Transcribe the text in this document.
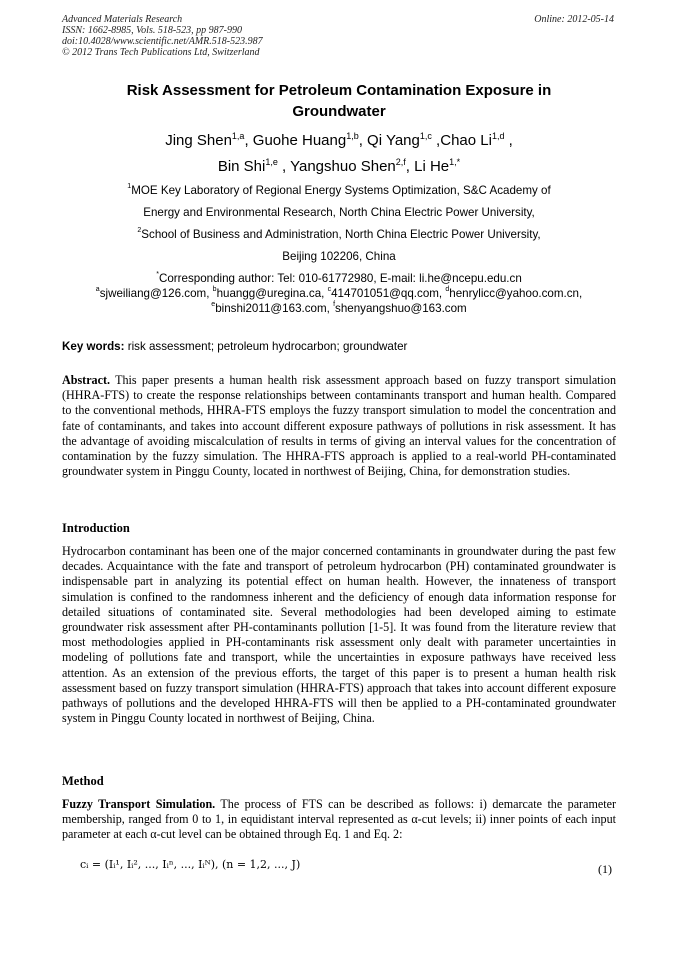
Advanced Materials Research
ISSN: 1662-8985, Vols. 518-523, pp 987-990
doi:10.4028/www.scientific.net/AMR.518-523.987
© 2012 Trans Tech Publications Ltd, Switzerland
Online: 2012-05-14
Risk Assessment for Petroleum Contamination Exposure in
Groundwater
Jing Shen$^{1,a}$, Guohe Huang$^{1,b}$, Qi Yang$^{1,c}$ ,Chao Li$^{1,d}$ ,
Bin Shi$^{1,e}$ , Yangshuo Shen$^{2,f}$, Li $He^{1,*}$
$^1$MOE Key Laboratory of Regional Energy Systems Optimization, S&C Academy of
Energy and Environmental Research, North China Electric Power University,
$^2$School of Business and Administration, North China Electric Power University,
Beijing 102206, China
*Corresponding author: Tel: 010-61772980, E-mail: li.he@ncepu.edu.cn
$^a$sjweiliang@126.com, $^b$huangg@uregina.ca, $^c$414701051@qq.com, $^d$henrylicc@yahoo.com.cn,
$^e$binshi2011@163.com, $^f$shenyangshuo@163.com
Key words: risk assessment; petroleum hydrocarbon; groundwater
Abstract. This paper presents a human health risk assessment approach based on fuzzy transport simulation (HHRA-FTS) to create the response relationships between contaminants transport and human health. Compared to the conventional methods, HHRA-FTS employs the fuzzy transport simulation to model the concentration and fate of contaminants, and takes into account different exposure pathways of pollutions in risk assessment. It has the advantage of avoiding miscalculation of results in terms of giving an interval values for the concentration of contamination by the fuzzy simulation. The HHRA-FTS approach is applied to a real-world PH-contaminated groundwater system in Pinggu County, located in northwest of Beijing, China, for demonstration studies.
Introduction
Hydrocarbon contaminant has been one of the major concerned contaminants in groundwater during the past few decades. Acquaintance with the fate and transport of petroleum hydrocarbon (PH) contaminated groundwater is indispensable part in analyzing its potential effect on human health. However, the innateness of transport simulation is confined to the randomness inherent and the deficiency of enough data information response for detailed situations of contaminated site. Several methodologies had been developed aiming to estimate groundwater risk assessment after PH-contaminants pollution [1-5]. It was found from the literature review that most methodologies applied in PH-contaminants risk assessment only dealt with parameter uncertainties in modeling of pollutions fate and transport, while the uncertainties in exposure pathways have received less attention. As an extension of the previous efforts, the target of this paper is to present a human health risk assessment based on fuzzy transport simulation (HHRA-FTS) approach that takes into account different exposure pathways of pollutions and the developed HHRA-FTS will then be applied to a PH-contaminated groundwater system in Pinggu County located in northwest of Beijing, China.
Method
Fuzzy Transport Simulation. The process of FTS can be described as follows: i) demarcate the parameter membership, ranged from 0 to 1, in equidistant interval represented as α-cut levels; ii) inner points of each input parameter at each α-cut level can be obtained through Eq. 1 and Eq. 2:
cᵢ = (Iᵢ¹, Iᵢ², ..., Iᵢⁿ, ..., Iᵢᴺ), (n = 1,2, ..., J)	(1)
